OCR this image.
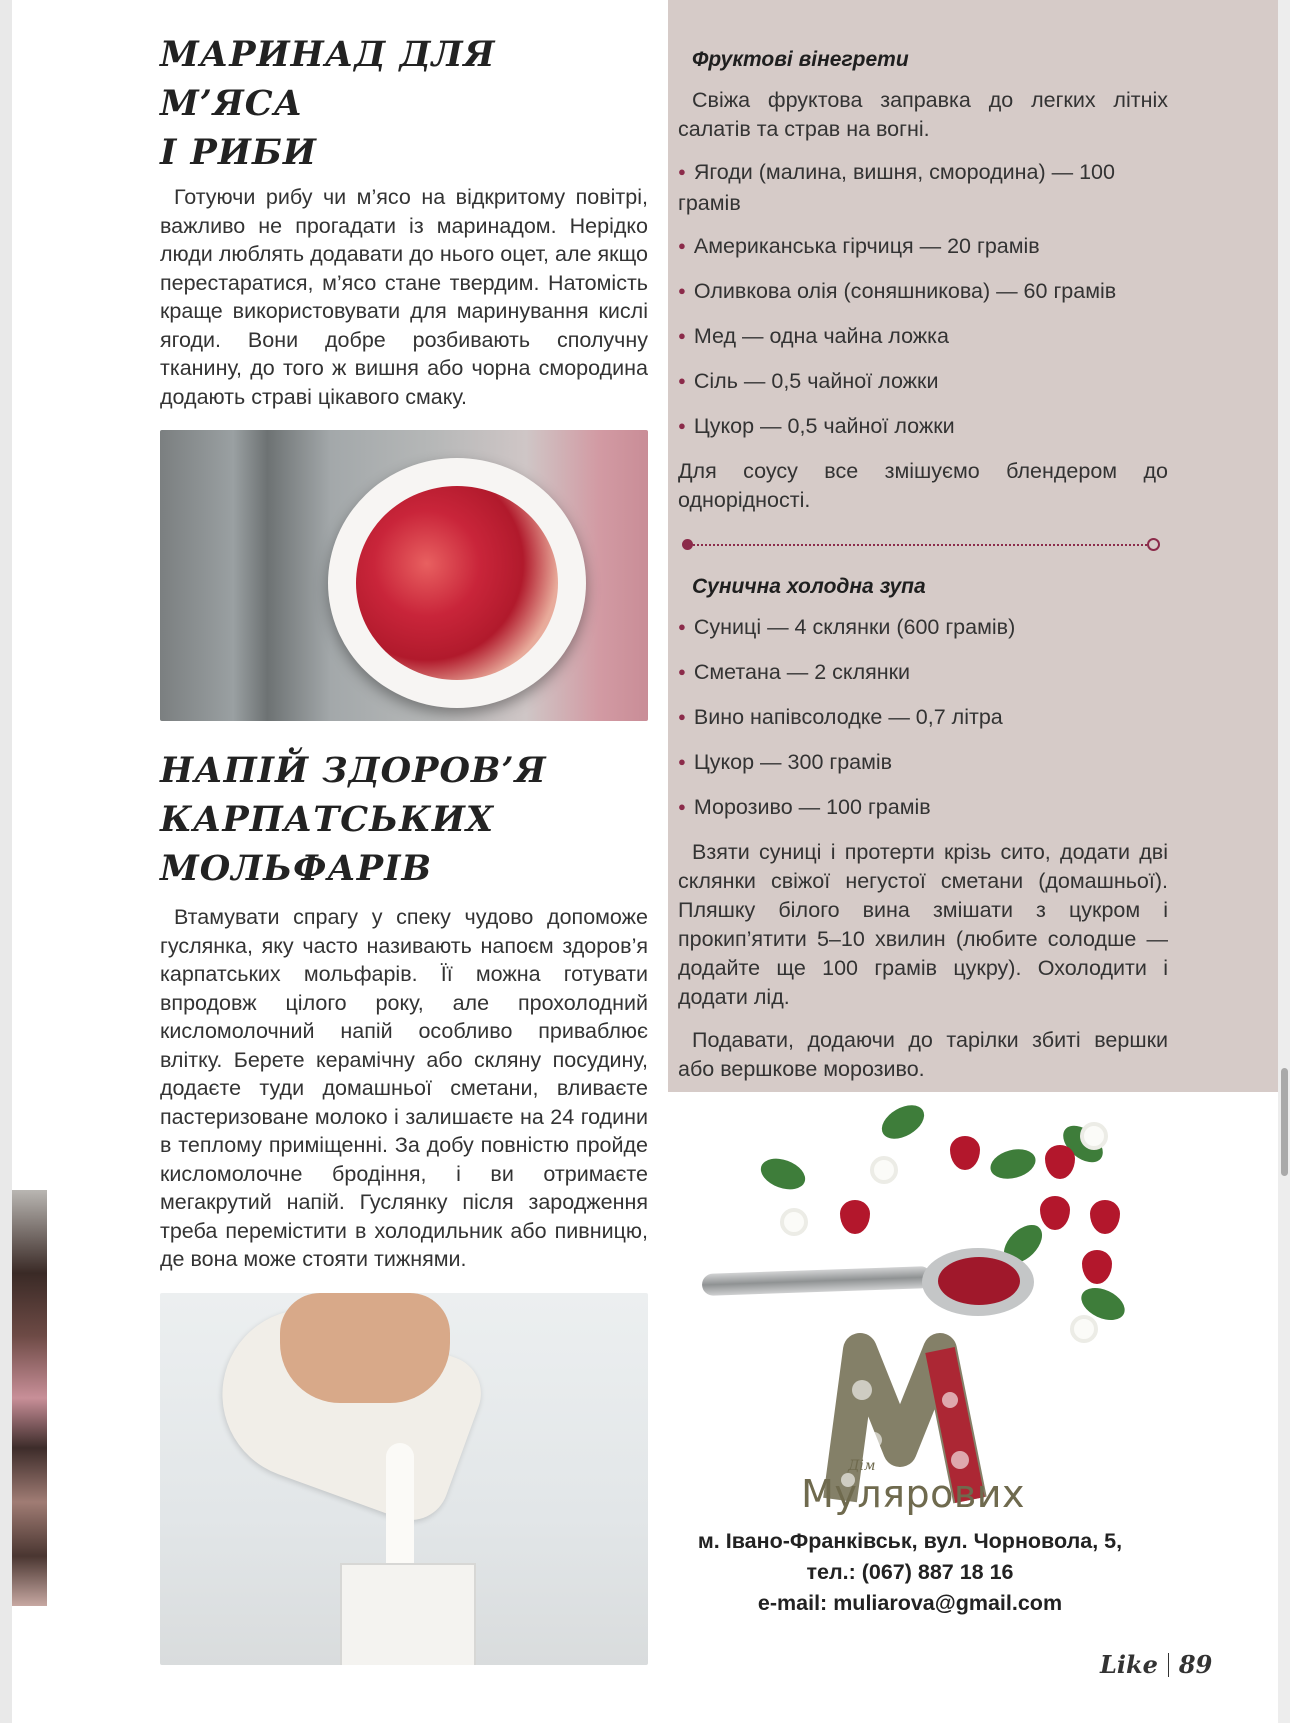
МАРИНАД ДЛЯ М’ЯСА
І РИБИ

Готуючи рибу чи м’ясо на відкритому повітрі, важливо не прогадати із маринадом. Нерідко люди люблять додавати до нього оцет, але якщо перестаратися, м’ясо стане твердим. Натомість краще використовувати для маринування кислі ягоди. Вони добре розбивають сполучну тканину, до того ж вишня або чорна смородина додають страві цікавого смаку.

НАПІЙ ЗДОРОВ’Я
КАРПАТСЬКИХ
МОЛЬФАРІВ

Втамувати спрагу у спеку чудово допоможе гуслянка, яку часто називають напоєм здоров’я карпатських мольфарів. Її можна готувати впродовж цілого року, але прохолодний кисломолочний напій особливо приваблює влітку. Берете керамічну або скляну посудину, додаєте туди домашньої сметани, вливаєте пастеризоване молоко і залишаєте на 24 години в теплому приміщенні. За добу повністю пройде кисломолочне бродіння, і ви отримаєте мегакрутий напій. Гуслянку після зародження треба перемістити в холодильник або пивницю, де вона може стояти тижнями.

Фруктові вінегрети

Свіжа фруктова заправка до легких літніх салатів та страв на вогні.

● Ягоди (малина, вишня, смородина) — 100 грамів
● Американська гірчиця — 20 грамів
● Оливкова олія (соняшникова) — 60 грамів
● Мед — одна чайна ложка
● Сіль — 0,5 чайної ложки
● Цукор — 0,5 чайної ложки

Для соусу все змішуємо блендером до однорідності.

Сунична холодна зупа
● Суниці — 4 склянки (600 грамів)
● Сметана — 2 склянки
● Вино напівсолодке — 0,7 літра
● Цукор — 300 грамів
● Морозиво — 100 грамів

Взяти суниці і протерти крізь сито, додати дві склянки свіжої негустої сметани (домашньої). Пляшку білого вина змішати з цукром і прокип’ятити 5–10 хвилин (любите солодше — додайте ще 100 грамів цукру). Охолодити і додати лід.

Подавати, додаючи до тарілки збиті вершки або вершкове морозиво.

Дім
Мулярових
м. Івано-Франківськ, вул. Чорновола, 5,
тел.: (067) 887 18 16
e-mail: muliarova@gmail.com
Like 89
